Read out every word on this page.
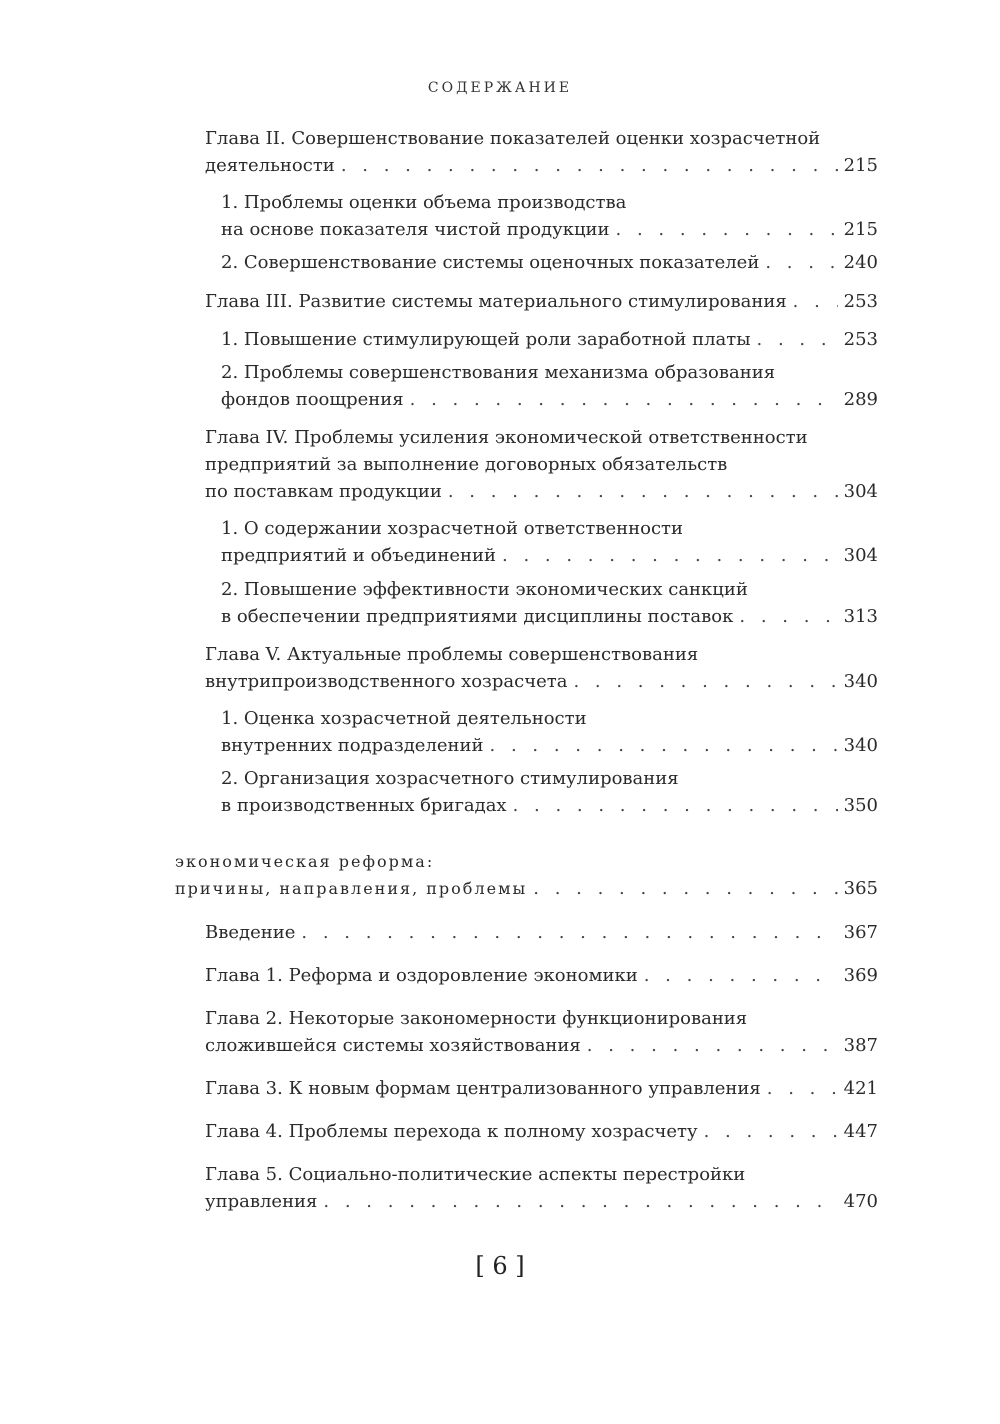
СОДЕРЖАНИЕ
Глава II. Совершенствование показателей оценки хозрасчетной
деятельности . . .	215
1. Проблемы оценки объема производства
на основе показателя чистой продукции . . .	215
2. Совершенствование системы оценочных показателей . . .	240
Глава III. Развитие системы материального стимулирования . . .	253
1. Повышение стимулирующей роли заработной платы . . .	253
2. Проблемы совершенствования механизма образования
фондов поощрения . . .	289
Глава IV. Проблемы усиления экономической ответственности
предприятий за выполнение договорных обязательств
по поставкам продукции . . .	304
1. О содержании хозрасчетной ответственности
предприятий и объединений . . .	304
2. Повышение эффективности экономических санкций
в обеспечении предприятиями дисциплины поставок . . .	313
Глава V. Актуальные проблемы совершенствования
внутрипроизводственного хозрасчета . . .	340
1. Оценка хозрасчетной деятельности
внутренних подразделений . . .	340
2. Организация хозрасчетного стимулирования
в производственных бригадах . . .	350
экономическая реформа:
причины, направления, проблемы . . .	365
Введение . . .	367
Глава 1. Реформа и оздоровление экономики . . .	369
Глава 2. Некоторые закономерности функционирования
сложившейся системы хозяйствования . . .	387
Глава 3. К новым формам централизованного управления . . .	421
Глава 4. Проблемы перехода к полному хозрасчету . . .	447
Глава 5. Социально-политические аспекты перестройки
управления . . .	470
[ 6 ]
